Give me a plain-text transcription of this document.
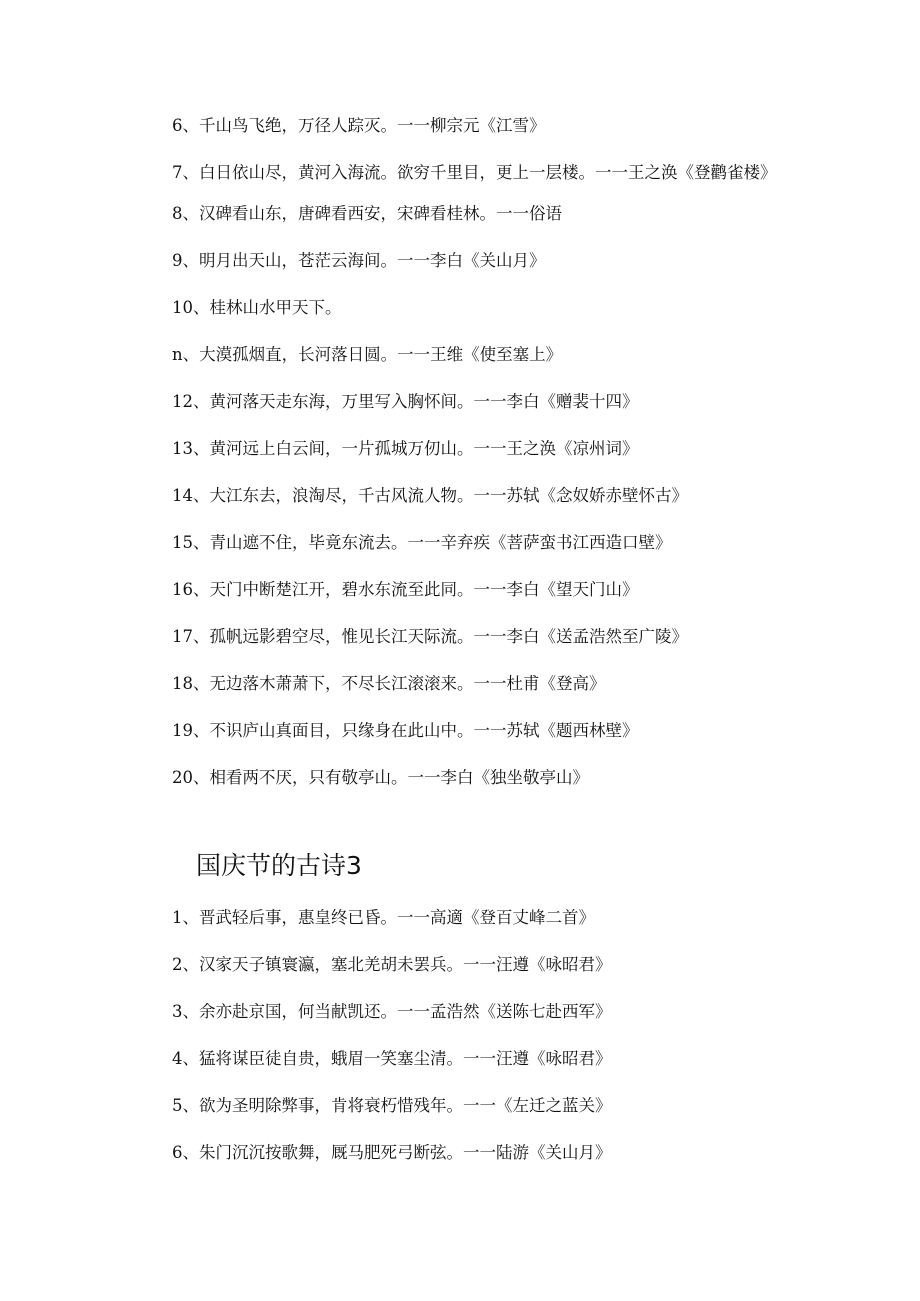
6、千山鸟飞绝，万径人踪灭。一一柳宗元《江雪》

7、白日依山尽，黄河入海流。欲穷千里目，更上一层楼。一一王之涣《登鹳雀楼》

8、汉碑看山东，唐碑看西安，宋碑看桂林。一一俗语

9、明月出天山，苍茫云海间。一一李白《关山月》

10、桂林山水甲天下。

n、大漠孤烟直，长河落日圆。一一王维《使至塞上》

12、黄河落天走东海，万里写入胸怀间。一一李白《赠裴十四》

13、黄河远上白云间，一片孤城万仞山。一一王之涣《凉州词》

14、大江东去，浪淘尽，千古风流人物。一一苏轼《念奴娇赤壁怀古》

15、青山遮不住，毕竟东流去。一一辛弃疾《菩萨蛮书江西造口壁》

16、天门中断楚江开，碧水东流至此同。一一李白《望天门山》

17、孤帆远影碧空尽，惟见长江天际流。一一李白《送孟浩然至广陵》

18、无边落木萧萧下，不尽长江滚滚来。一一杜甫《登高》

19、不识庐山真面目，只缘身在此山中。一一苏轼《题西林壁》

20、相看两不厌，只有敬亭山。一一李白《独坐敬亭山》

国庆节的古诗3

1、晋武轻后事，惠皇终已昏。一一高適《登百丈峰二首》

2、汉家天子镇寰瀛，塞北羌胡未罢兵。一一汪遵《咏昭君》

3、余亦赴京国，何当献凯还。一一孟浩然《送陈七赴西军》

4、猛将谋臣徒自贵，蛾眉一笑塞尘清。一一汪遵《咏昭君》

5、欲为圣明除弊事，肯将衰朽惜残年。一一《左迁之蓝关》

6、朱门沉沉按歌舞，厩马肥死弓断弦。一一陆游《关山月》
